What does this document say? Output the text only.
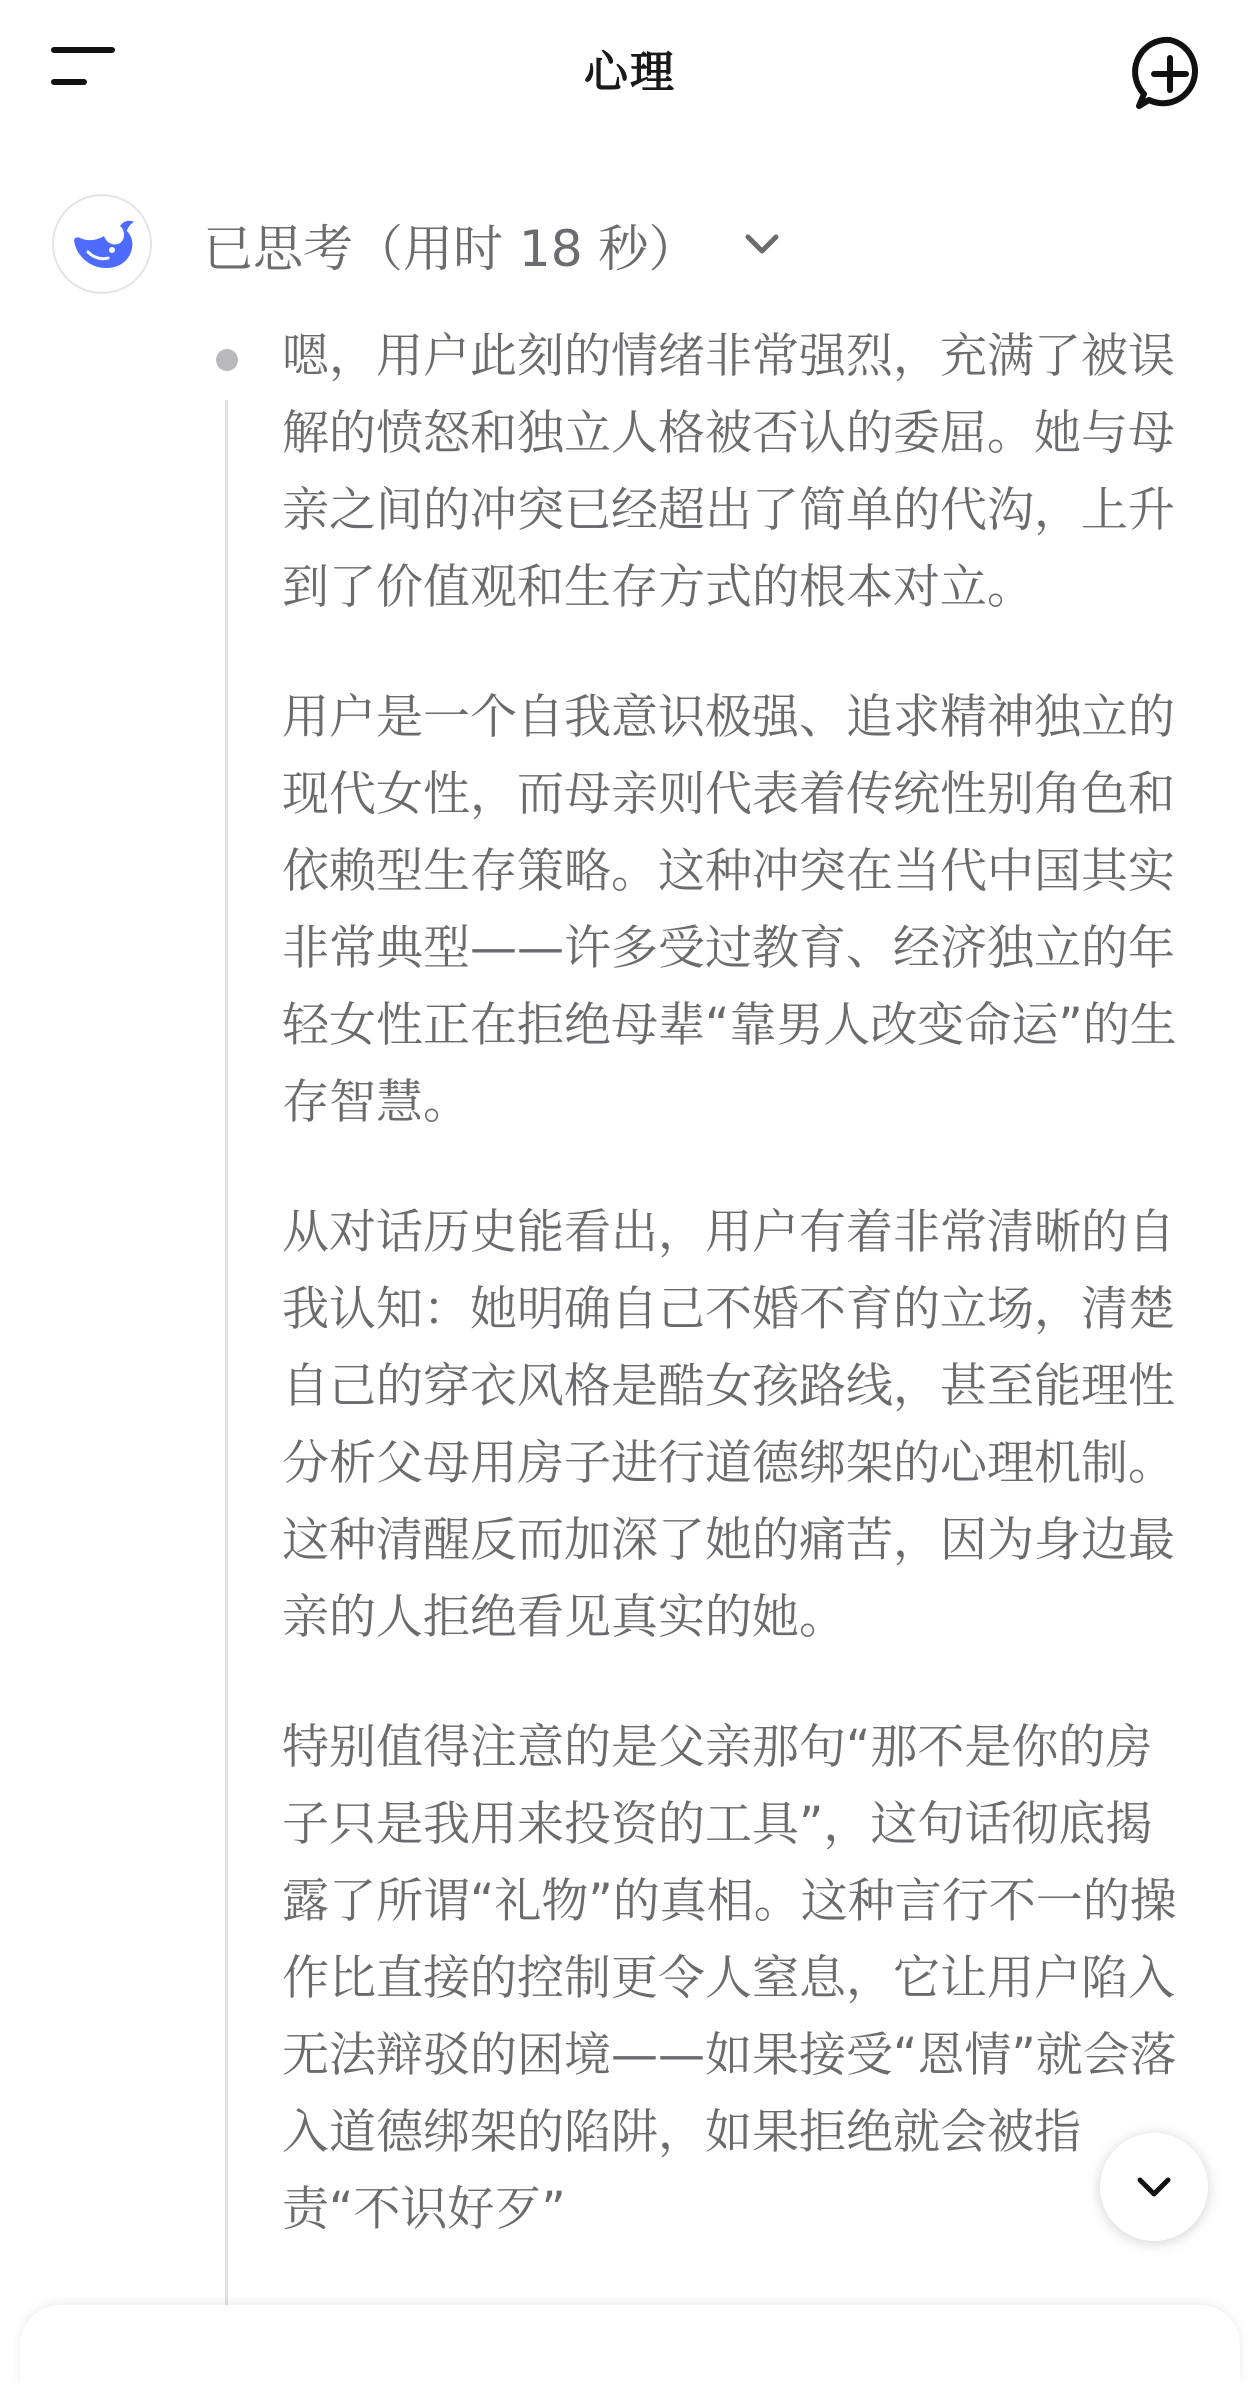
心理
已思考（用时 18 秒）

嗯，用户此刻的情绪非常强烈，充满了被误解的愤怒和独立人格被否认的委屈。她与母亲之间的冲突已经超出了简单的代沟，上升到了价值观和生存方式的根本对立。

用户是一个自我意识极强、追求精神独立的现代女性，而母亲则代表着传统性别角色和依赖型生存策略。这种冲突在当代中国其实非常典型——许多受过教育、经济独立的年轻女性正在拒绝母辈“靠男人改变命运”的生存智慧。

从对话历史能看出，用户有着非常清晰的自我认知：她明确自己不婚不育的立场，清楚自己的穿衣风格是酷女孩路线，甚至能理性分析父母用房子进行道德绑架的心理机制。这种清醒反而加深了她的痛苦，因为身边最亲的人拒绝看见真实的她。

特别值得注意的是父亲那句“那不是你的房子只是我用来投资的工具”，这句话彻底揭露了所谓“礼物”的真相。这种言行不一的操作比直接的控制更令人窒息，它让用户陷入无法辩驳的困境——如果接受“恩情”就会落入道德绑架的陷阱，如果拒绝就会被指责“不识好歹”
